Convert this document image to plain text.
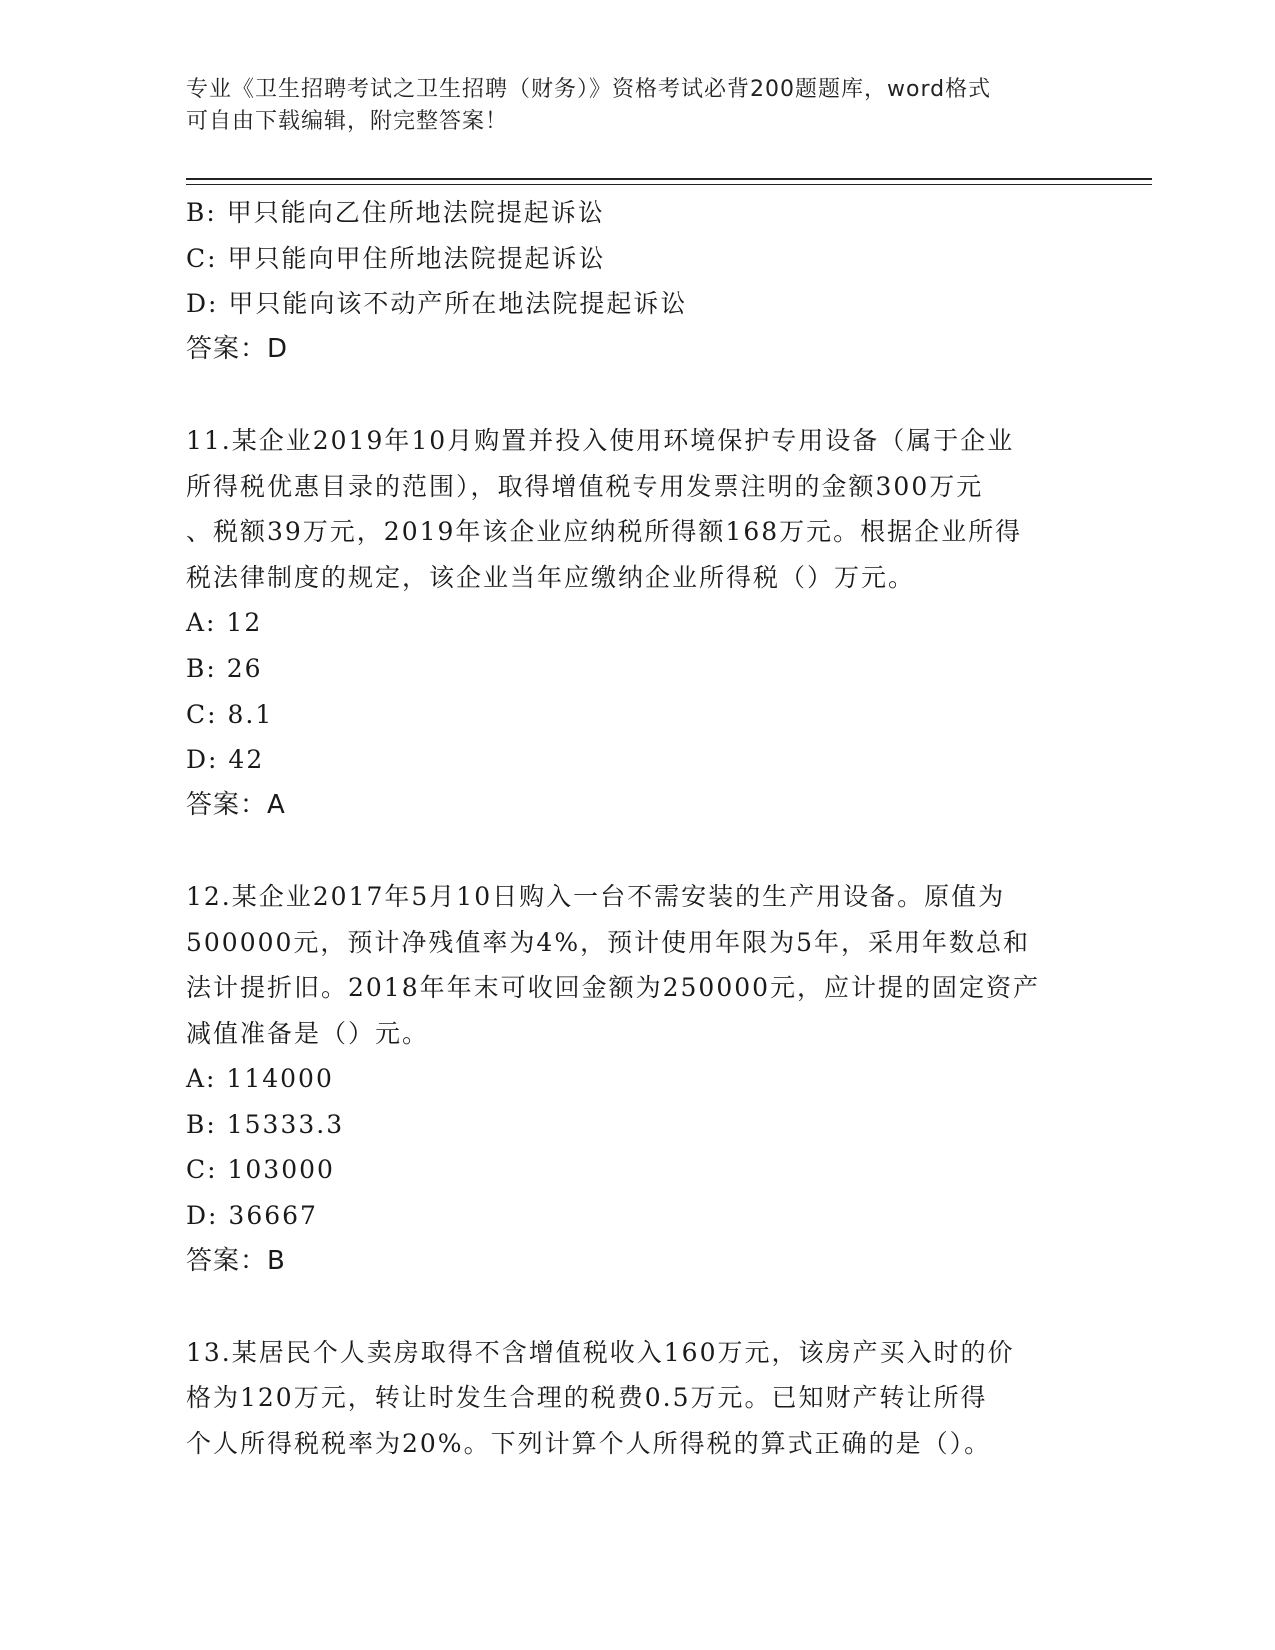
专业《卫生招聘考试之卫生招聘（财务）》资格考试必背200题题库，word格式
可自由下载编辑，附完整答案！
B: 甲只能向乙住所地法院提起诉讼
C: 甲只能向甲住所地法院提起诉讼
D: 甲只能向该不动产所在地法院提起诉讼
答案：D
11.某企业2019年10月购置并投入使用环境保护专用设备（属于企业
所得税优惠目录的范围），取得增值税专用发票注明的金额300万元
、税额39万元，2019年该企业应纳税所得额168万元。根据企业所得
税法律制度的规定，该企业当年应缴纳企业所得税（）万元。
A: 12
B: 26
C: 8.1
D: 42
答案：A
12.某企业2017年5月10日购入一台不需安装的生产用设备。原值为
500000元，预计净残值率为4%，预计使用年限为5年，采用年数总和
法计提折旧。2018年年末可收回金额为250000元，应计提的固定资产
减值准备是（）元。
A: 114000
B: 15333.3
C: 103000
D: 36667
答案：B
13.某居民个人卖房取得不含增值税收入160万元，该房产买入时的价
格为120万元，转让时发生合理的税费0.5万元。已知财产转让所得
个人所得税税率为20%。下列计算个人所得税的算式正确的是（）。
